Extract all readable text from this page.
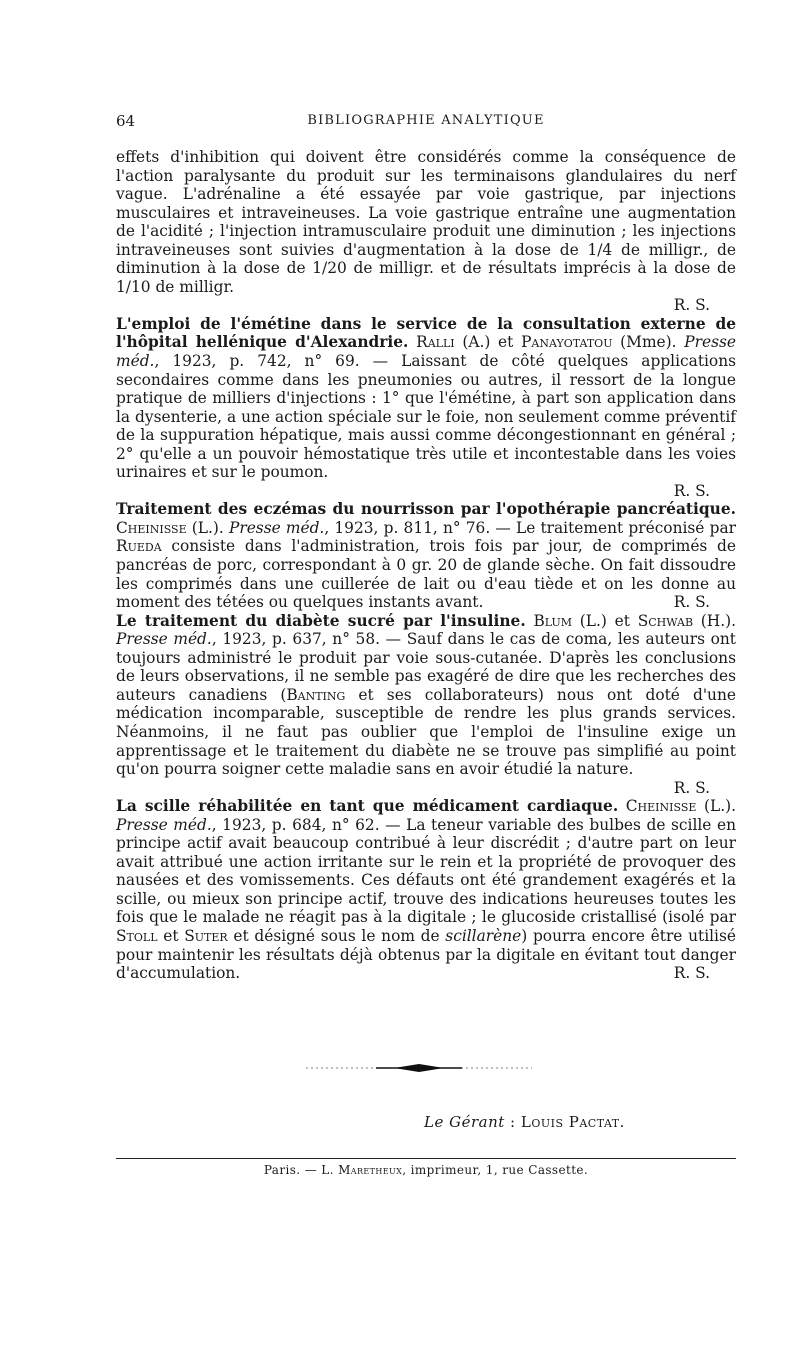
64	BIBLIOGRAPHIE ANALYTIQUE

effets d'inhibition qui doivent être considérés comme la conséquence de l'action paralysante du produit sur les terminaisons glandulaires du nerf vague. L'adrénaline a été essayée par voie gastrique, par injections musculaires et intraveineuses. La voie gastrique entraîne une augmentation de l'acidité ; l'injection intramusculaire produit une diminution ; les injections intraveineuses sont suivies d'augmentation à la dose de 1/4 de milligr., de diminution à la dose de 1/20 de milligr. et de résultats imprécis à la dose de 1/10 de milligr.
R. S.

L'emploi de l'émétine dans le service de la consultation externe de l'hôpital hellénique d'Alexandrie. Ralli (A.) et Panayotatou (Mme). Presse méd., 1923, p. 742, n° 69. — Laissant de côté quelques applications secondaires comme dans les pneumonies ou autres, il ressort de la longue pratique de milliers d'injections : 1° que l'émétine, à part son application dans la dysenterie, a une action spéciale sur le foie, non seulement comme préventif de la suppuration hépatique, mais aussi comme décongestionnant en général ; 2° qu'elle a un pouvoir hémostatique très utile et incontestable dans les voies urinaires et sur le poumon.
R. S.

Traitement des eczémas du nourrisson par l'opothérapie pancréatique. Cheinisse (L.). Presse méd., 1923, p. 811, n° 76. — Le traitement préconisé par Rueda consiste dans l'administration, trois fois par jour, de comprimés de pancréas de porc, correspondant à 0 gr. 20 de glande sèche. On fait dissoudre les comprimés dans une cuillerée de lait ou d'eau tiède et on les donne au moment des tétées ou quelques instants avant.	R. S.

Le traitement du diabète sucré par l'insuline. Blum (L.) et Schwab (H.). Presse méd., 1923, p. 637, n° 58. — Sauf dans le cas de coma, les auteurs ont toujours administré le produit par voie sous-cutanée. D'après les conclusions de leurs observations, il ne semble pas exagéré de dire que les recherches des auteurs canadiens (Banting et ses collaborateurs) nous ont doté d'une médication incomparable, susceptible de rendre les plus grands services. Néanmoins, il ne faut pas oublier que l'emploi de l'insuline exige un apprentissage et le traitement du diabète ne se trouve pas simplifié au point qu'on pourra soigner cette maladie sans en avoir étudié la nature.
R. S.

La scille réhabilitée en tant que médicament cardiaque. Cheinisse (L.). Presse méd., 1923, p. 684, n° 62. — La teneur variable des bulbes de scille en principe actif avait beaucoup contribué à leur discrédit ; d'autre part on leur avait attribué une action irritante sur le rein et la propriété de provoquer des nausées et des vomissements. Ces défauts ont été grandement exagérés et la scille, ou mieux son principe actif, trouve des indications heureuses toutes les fois que le malade ne réagit pas à la digitale ; le glucoside cristallisé (isolé par Stoll et Suter et désigné sous le nom de scillarène) pourra encore être utilisé pour maintenir les résultats déjà obtenus par la digitale en évitant tout danger d'accumulation.	R. S.

Le Gérant : Louis Pactat.
Paris. — L. Maretheux, imprimeur, 1, rue Cassette.
